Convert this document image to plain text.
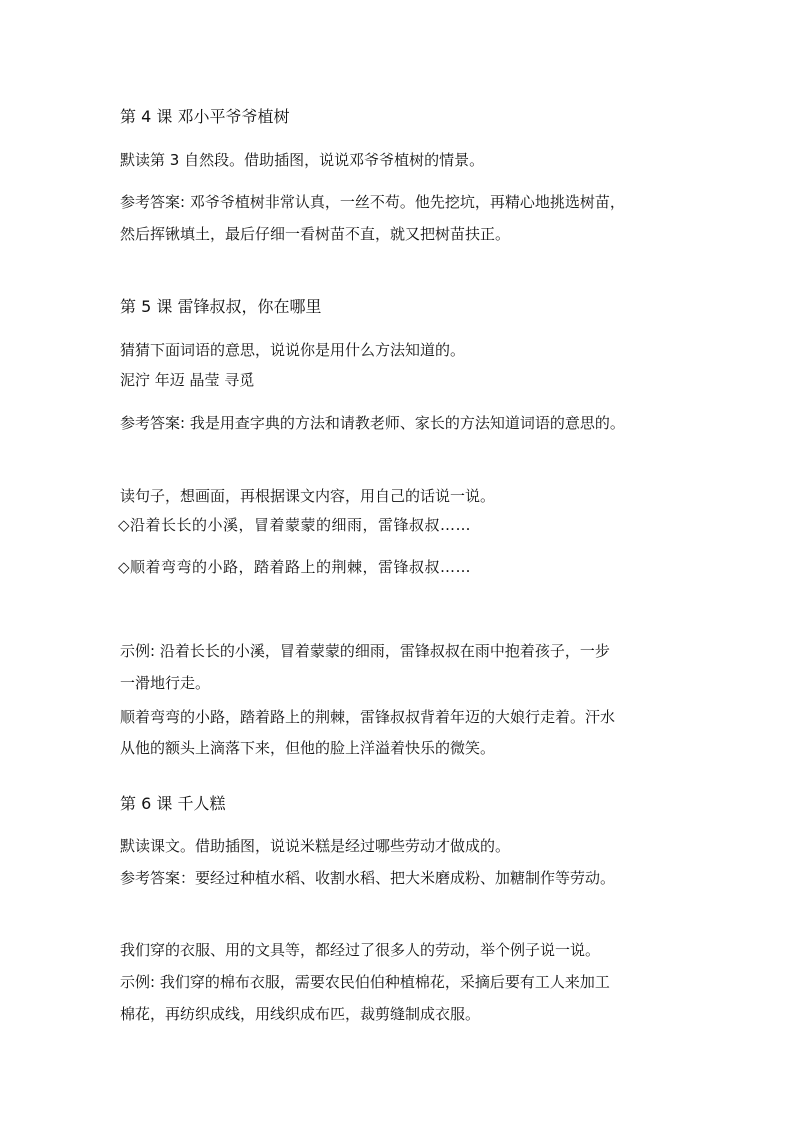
第 4 课 邓小平爷爷植树
默读第 3 自然段。借助插图，说说邓爷爷植树的情景。
参考答案: 邓爷爷植树非常认真，一丝不苟。他先挖坑，再精心地挑选树苗，
然后挥锹填土，最后仔细一看树苗不直，就又把树苗扶正。
第 5 课 雷锋叔叔，你在哪里
猜猜下面词语的意思，说说你是用什么方法知道的。
泥泞 年迈 晶莹 寻觅
参考答案: 我是用查字典的方法和请教老师、家长的方法知道词语的意思的。
读句子，想画面，再根据课文内容，用自己的话说一说。
◇沿着长长的小溪，冒着蒙蒙的细雨，雷锋叔叔……
◇顺着弯弯的小路，踏着路上的荆棘，雷锋叔叔……
示例: 沿着长长的小溪，冒着蒙蒙的细雨，雷锋叔叔在雨中抱着孩子，一步
一滑地行走。
顺着弯弯的小路，踏着路上的荆棘，雷锋叔叔背着年迈的大娘行走着。汗水
从他的额头上滴落下来，但他的脸上洋溢着快乐的微笑。
第 6 课 千人糕
默读课文。借助插图，说说米糕是经过哪些劳动才做成的。
参考答案：要经过种植水稻、收割水稻、把大米磨成粉、加糖制作等劳动。
我们穿的衣服、用的文具等，都经过了很多人的劳动，举个例子说一说。
示例: 我们穿的棉布衣服，需要农民伯伯种植棉花，采摘后要有工人来加工
棉花，再纺织成线，用线织成布匹，裁剪缝制成衣服。
